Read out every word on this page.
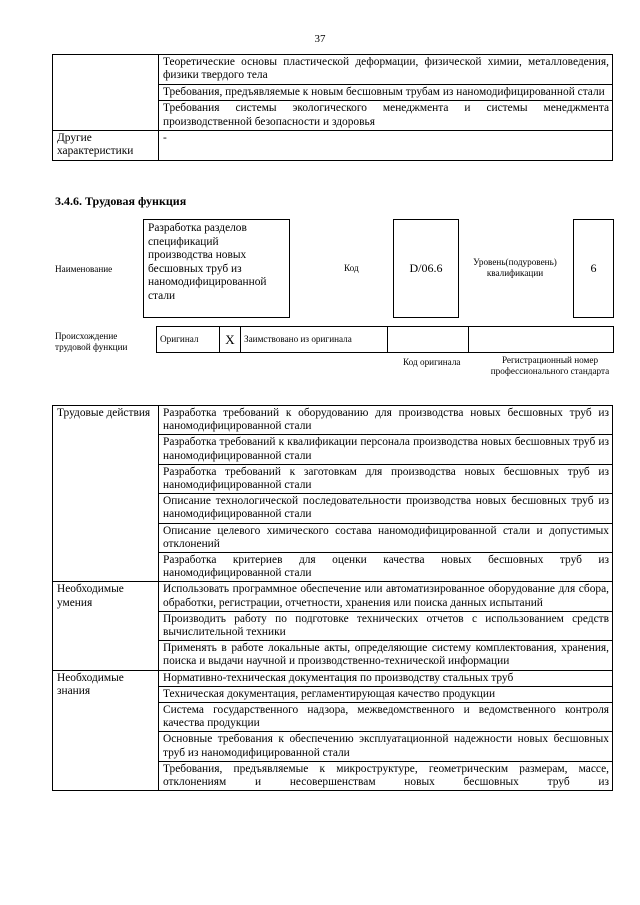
37
	Теоретические основы пластической деформации, физической химии, металловедения, физики твердого тела
	Требования, предъявляемые к новым бесшовным трубам из наномодифицированной стали
	Требования системы экологического менеджмента и системы менеджмента производственной безопасности и здоровья
Другие характеристики	-
3.4.6. Трудовая функция
Наименование
Разработка разделов спецификаций производства новых бесшовных труб из наномодифицированной стали
Код	D/06.6	Уровень(подуровень) квалификации	6
Происхождение трудовой функции
Оригинал	X	Заимствовано из оригинала		
Код оригинала	Регистрационный номер профессионального стандарта
Трудовые действия	Разработка требований к оборудованию для производства новых бесшовных труб из наномодифицированной стали
	Разработка требований к квалификации персонала производства новых бесшовных труб из наномодифицированной стали
	Разработка требований к заготовкам для производства новых бесшовных труб из наномодифицированной стали
	Описание технологической последовательности производства новых бесшовных труб из наномодифицированной стали
	Описание целевого химического состава наномодифицированной стали и допустимых отклонений
	Разработка критериев для оценки качества новых бесшовных труб из наномодифицированной стали
Необходимые умения	Использовать программное обеспечение или автоматизированное оборудование для сбора, обработки, регистрации, отчетности, хранения или поиска данных испытаний
	Производить работу по подготовке технических отчетов с использованием средств вычислительной техники
	Применять в работе локальные акты, определяющие систему комплектования, хранения, поиска и выдачи научной и производственно-технической информации
Необходимые знания	Нормативно-техническая документация по производству стальных труб
	Техническая документация, регламентирующая качество продукции
	Система государственного надзора, межведомственного и ведомственного контроля качества продукции
	Основные требования к обеспечению эксплуатационной надежности новых бесшовных труб из наномодифицированной стали
	Требования, предъявляемые к микроструктуре, геометрическим размерам, массе, отклонениям и несовершенствам новых бесшовных труб из
